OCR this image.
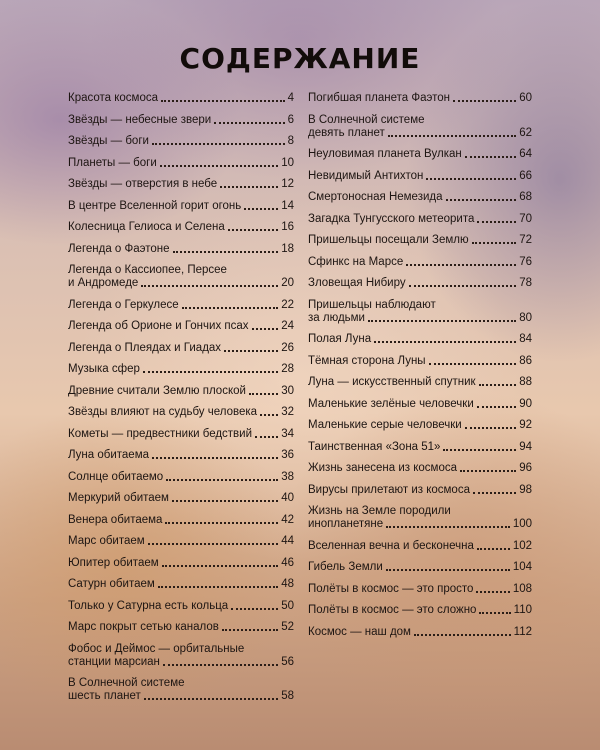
СОДЕРЖАНИЕ
Красота космоса	4
Звёзды — небесные звери	6
Звёзды — боги	8
Планеты — боги	10
Звёзды — отверстия в небе	12
В центре Вселенной горит огонь	14
Колесница Гелиоса и Селена	16
Легенда о Фаэтоне	18
Легенда о Кассиопее, Персее
и Андромеде	20
Легенда о Геркулесе	22
Легенда об Орионе и Гончих псах	24
Легенда о Плеядах и Гиадах	26
Музыка сфер	28
Древние считали Землю плоской	30
Звёзды влияют на судьбу человека 32
Кометы — предвестники бедствий	34
Луна обитаема	36
Солнце обитаемо	38
Меркурий обитаем	40
Венера обитаема	42
Марс обитаем	44
Юпитер обитаем	46
Сатурн обитаем	48
Только у Сатурна есть кольца	50
Марс покрыт сетью каналов	52
Фобос и Деймос — орбитальные
станции марсиан	56
В Солнечной системе
шесть планет	58
Погибшая планета Фаэтон	60
В Солнечной системе
девять планет	62
Неуловимая планета Вулкан	64
Невидимый Антихтон	66
Смертоносная Немезида	68
Загадка Тунгусского метеорита	70
Пришельцы посещали Землю	72
Сфинкс на Марсе	76
Зловещая Нибиру	78
Пришельцы наблюдают
за людьми	80
Полая Луна	84
Тёмная сторона Луны	86
Луна — искусственный спутник	88
Маленькие зелёные человечки	90
Маленькие серые человечки	92
Таинственная «Зона 51»	94
Жизнь занесена из космоса	96
Вирусы прилетают из космоса	98
Жизнь на Земле породили
инопланетяне	100
Вселенная вечна и бесконечна	102
Гибель Земли	104
Полёты в космос — это просто	108
Полёты в космос — это сложно	110
Космос — наш дом	112
